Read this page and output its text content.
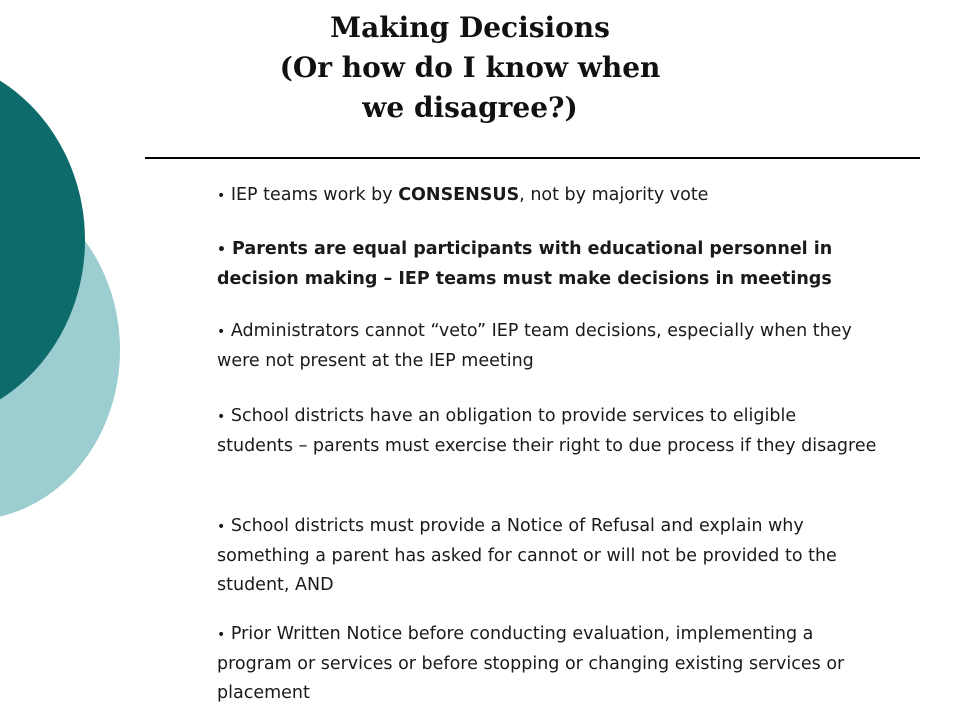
Making Decisions
(Or how do I know when
we disagree?)
• IEP teams work by CONSENSUS, not by majority vote
• Parents are equal participants with educational personnel in decision making – IEP teams must make decisions in meetings
• Administrators cannot “veto” IEP team decisions, especially when they were not present at the IEP meeting
• School districts have an obligation to provide services to eligible students – parents must exercise their right to due process if they disagree
• School districts must provide a Notice of Refusal and explain why something a parent has asked for cannot or will not be provided to the student, AND
• Prior Written Notice before conducting evaluation, implementing a program or services or before stopping or changing existing services or placement
